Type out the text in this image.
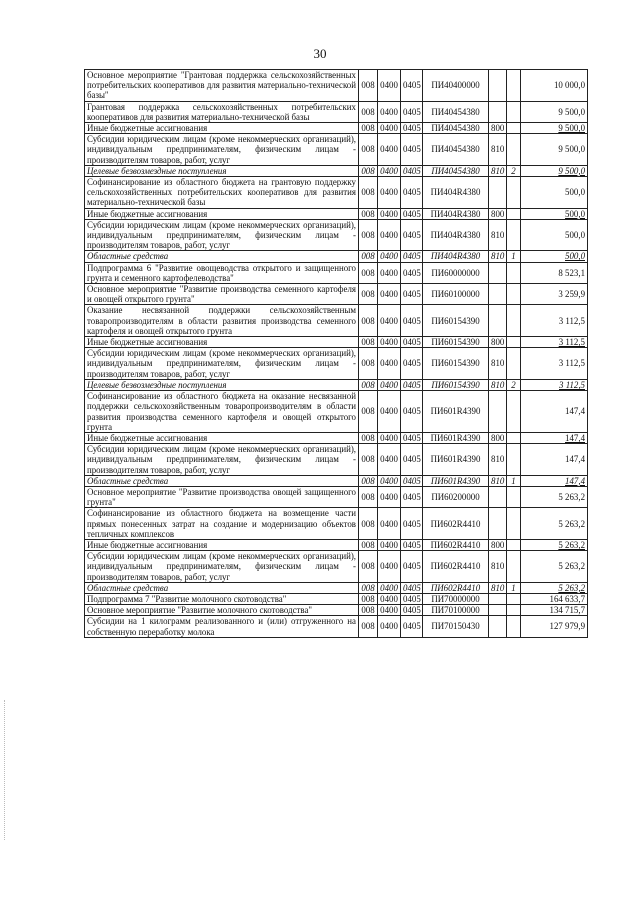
30
Основное мероприятие "Грантовая поддержка сельскохозяйственных потребительских кооперативов для развития материально-технической базы"	008	0400	0405	ПИ40400000			10 000,0
Грантовая поддержка сельскохозяйственных потребительских кооперативов для развития материально-технической базы	008	0400	0405	ПИ40454380			9 500,0
Иные бюджетные ассигнования	008	0400	0405	ПИ40454380	800		9 500,0
Субсидии юридическим лицам (кроме некоммерческих организаций), индивидуальным предпринимателям, физическим лицам - производителям товаров, работ, услуг	008	0400	0405	ПИ40454380	810		9 500,0
Целевые безвозмездные поступления	008	0400	0405	ПИ40454380	810	2	9 500,0
Софинансирование из областного бюджета на грантовую поддержку сельскохозяйственных потребительских кооперативов для развития материально-технической базы	008	0400	0405	ПИ404R4380			500,0
Иные бюджетные ассигнования	008	0400	0405	ПИ404R4380	800		500,0
Субсидии юридическим лицам (кроме некоммерческих организаций), индивидуальным предпринимателям, физическим лицам - производителям товаров, работ, услуг	008	0400	0405	ПИ404R4380	810		500,0
Областные средства	008	0400	0405	ПИ404R4380	810	1	500,0
Подпрограмма 6 "Развитие овощеводства открытого и защищенного грунта и семенного картофелеводства"	008	0400	0405	ПИ60000000			8 523,1
Основное мероприятие "Развитие производства семенного картофеля и овощей открытого грунта"	008	0400	0405	ПИ60100000			3 259,9
Оказание несвязанной поддержки сельскохозяйственным товаропроизводителям в области развития производства семенного картофеля и овощей открытого грунта	008	0400	0405	ПИ60154390			3 112,5
Иные бюджетные ассигнования	008	0400	0405	ПИ60154390	800		3 112,5
Субсидии юридическим лицам (кроме некоммерческих организаций), индивидуальным предпринимателям, физическим лицам - производителям товаров, работ, услуг	008	0400	0405	ПИ60154390	810		3 112,5
Целевые безвозмездные поступления	008	0400	0405	ПИ60154390	810	2	3 112,5
Софинансирование из областного бюджета на оказание несвязанной поддержки сельскохозяйственным товаропроизводителям в области развития производства семенного картофеля и овощей открытого грунта	008	0400	0405	ПИ601R4390			147,4
Иные бюджетные ассигнования	008	0400	0405	ПИ601R4390	800		147,4
Субсидии юридическим лицам (кроме некоммерческих организаций), индивидуальным предпринимателям, физическим лицам - производителям товаров, работ, услуг	008	0400	0405	ПИ601R4390	810		147,4
Областные средства	008	0400	0405	ПИ601R4390	810	1	147,4
Основное мероприятие "Развитие производства овощей защищенного грунта"	008	0400	0405	ПИ60200000			5 263,2
Софинансирование из областного бюджета на возмещение части прямых понесенных затрат на создание и модернизацию объектов тепличных комплексов	008	0400	0405	ПИ602R4410			5 263,2
Иные бюджетные ассигнования	008	0400	0405	ПИ602R4410	800		5 263,2
Субсидии юридическим лицам (кроме некоммерческих организаций), индивидуальным предпринимателям, физическим лицам - производителям товаров, работ, услуг	008	0400	0405	ПИ602R4410	810		5 263,2
Областные средства	008	0400	0405	ПИ602R4410	810	1	5 263,2
Подпрограмма 7 "Развитие молочного скотоводства"	008	0400	0405	ПИ70000000			164 633,7
Основное мероприятие "Развитие молочного скотоводства"	008	0400	0405	ПИ70100000			134 715,7
Субсидии на 1 килограмм реализованного и (или) отгруженного на собственную переработку молока	008	0400	0405	ПИ70150430			127 979,9
